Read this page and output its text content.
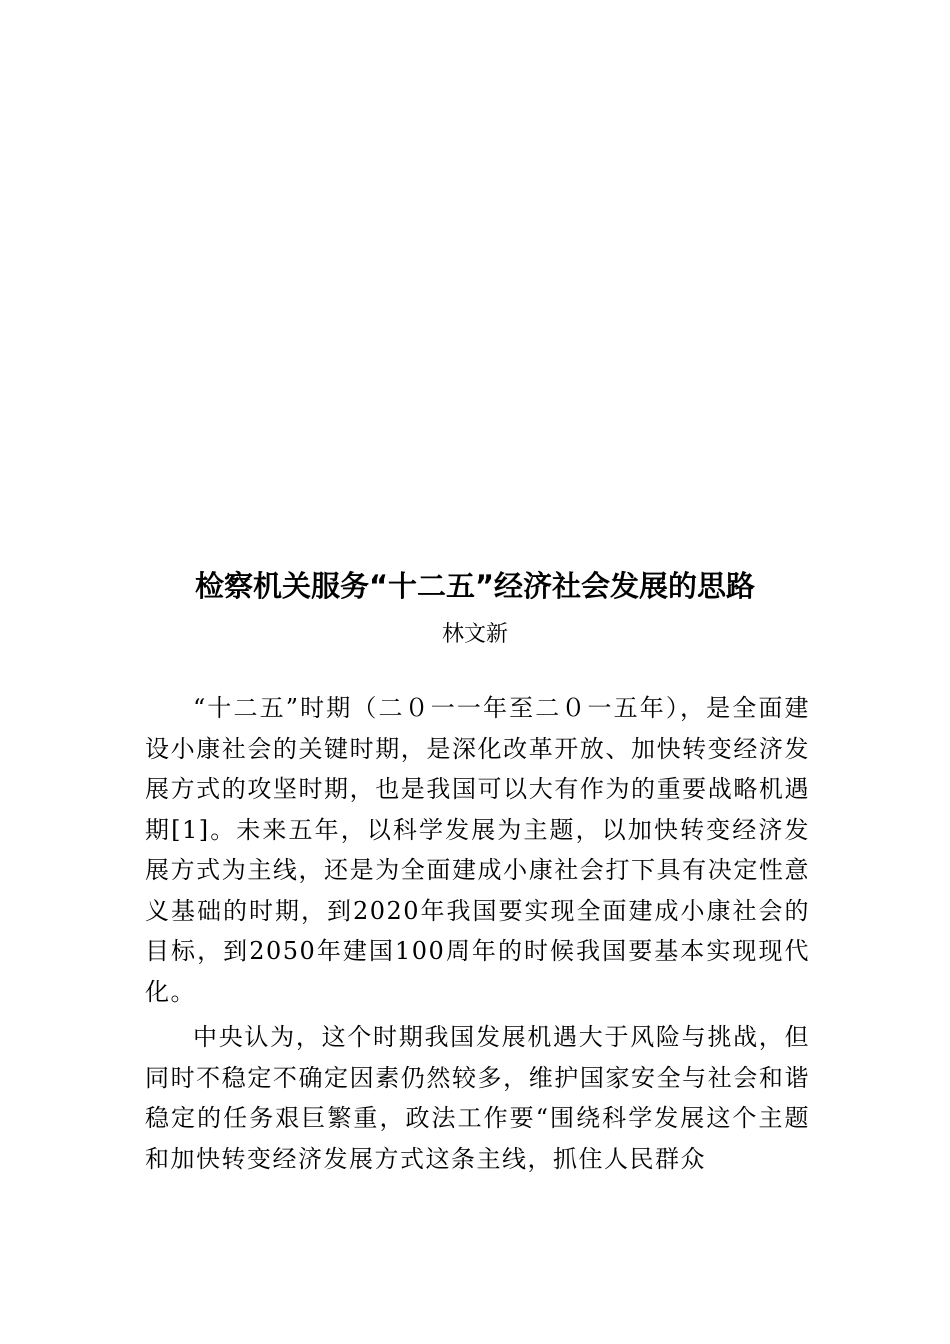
检察机关服务“十二五”经济社会发展的思路
林文新

“十二五”时期（二０一一年至二０一五年），是全面建设小康社会的关键时期，是深化改革开放、加快转变经济发展方式的攻坚时期，也是我国可以大有作为的重要战略机遇期[1]。未来五年，以科学发展为主题，以加快转变经济发展方式为主线，还是为全面建成小康社会打下具有决定性意义基础的时期，到2020年我国要实现全面建成小康社会的目标，到2050年建国100周年的时候我国要基本实现现代化。

中央认为，这个时期我国发展机遇大于风险与挑战，但同时不稳定不确定因素仍然较多，维护国家安全与社会和谐稳定的任务艰巨繁重，政法工作要“围绕科学发展这个主题和加快转变经济发展方式这条主线，抓住人民群众
